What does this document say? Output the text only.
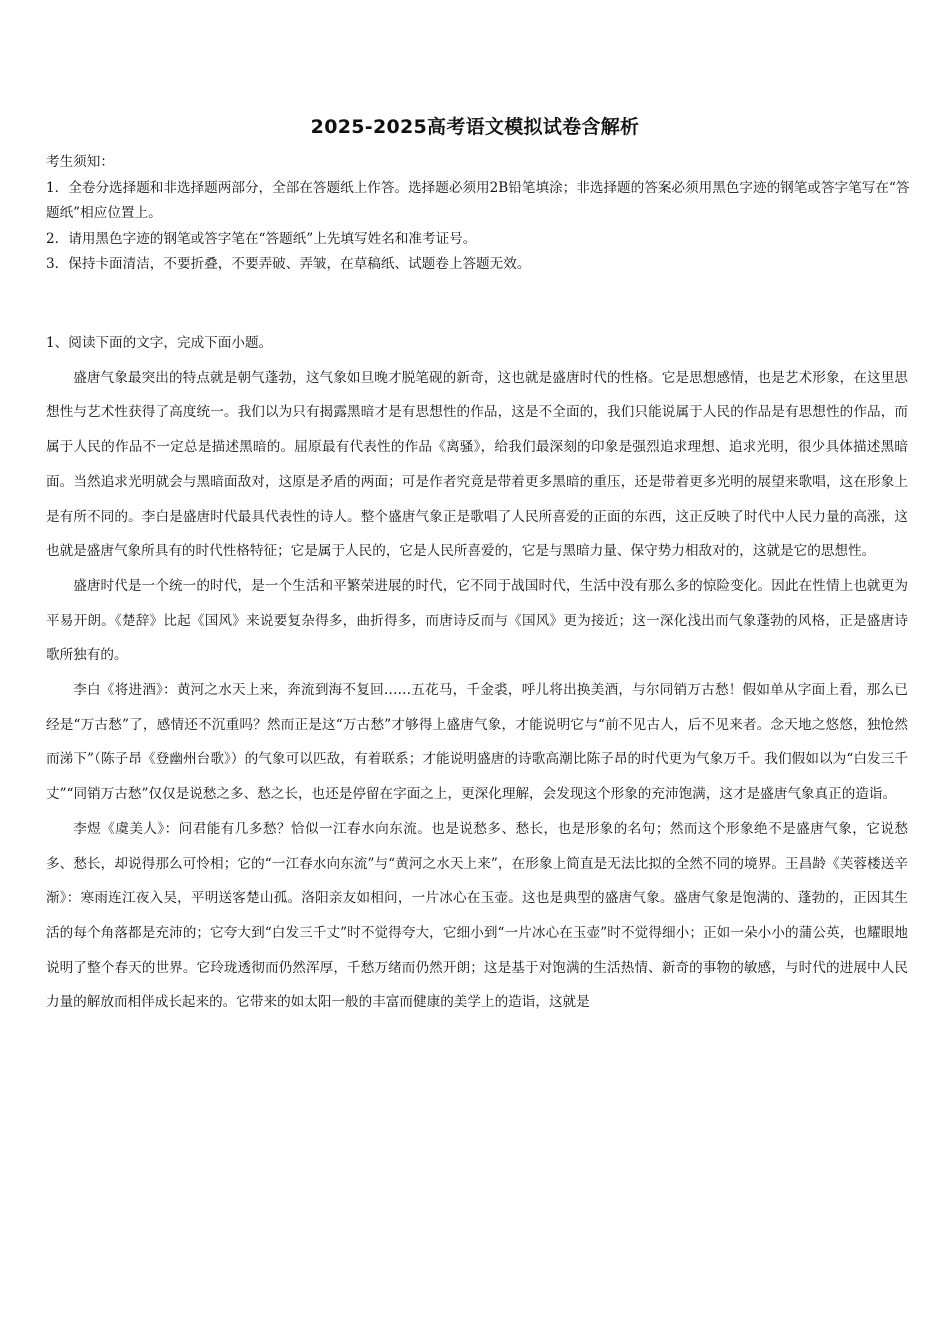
2025-2025高考语文模拟试卷含解析

考生须知：

1．全卷分选择题和非选择题两部分，全部在答题纸上作答。选择题必须用2B铅笔填涂；非选择题的答案必须用黑色字迹的钢笔或答字笔写在“答题纸”相应位置上。

2．请用黑色字迹的钢笔或答字笔在“答题纸”上先填写姓名和准考证号。

3．保持卡面清洁，不要折叠，不要弄破、弄皱，在草稿纸、试题卷上答题无效。

1、阅读下面的文字，完成下面小题。

盛唐气象最突出的特点就是朝气蓬勃，这气象如旦晚才脱笔砚的新奇，这也就是盛唐时代的性格。它是思想感情，也是艺术形象，在这里思想性与艺术性获得了高度统一。我们以为只有揭露黑暗才是有思想性的作品，这是不全面的，我们只能说属于人民的作品是有思想性的作品，而属于人民的作品不一定总是描述黑暗的。屈原最有代表性的作品《离骚》，给我们最深刻的印象是强烈追求理想、追求光明，很少具体描述黑暗面。当然追求光明就会与黑暗面敌对，这原是矛盾的两面；可是作者究竟是带着更多黑暗的重压，还是带着更多光明的展望来歌唱，这在形象上是有所不同的。李白是盛唐时代最具代表性的诗人。整个盛唐气象正是歌唱了人民所喜爱的正面的东西，这正反映了时代中人民力量的高涨，这也就是盛唐气象所具有的时代性格特征；它是属于人民的，它是人民所喜爱的，它是与黑暗力量、保守势力相敌对的，这就是它的思想性。

盛唐时代是一个统一的时代，是一个生活和平繁荣进展的时代，它不同于战国时代，生活中没有那么多的惊险变化。因此在性情上也就更为平易开朗。《楚辞》比起《国风》来说要复杂得多，曲折得多，而唐诗反而与《国风》更为接近；这一深化浅出而气象蓬勃的风格，正是盛唐诗歌所独有的。

李白《将进酒》：黄河之水天上来，奔流到海不复回……五花马，千金裘，呼儿将出换美酒，与尔同销万古愁！假如单从字面上看，那么已经是“万古愁”了，感情还不沉重吗？然而正是这“万古愁”才够得上盛唐气象，才能说明它与“前不见古人，后不见来者。念天地之悠悠，独怆然而涕下”（陈子昂《登幽州台歌》）的气象可以匹敌，有着联系；才能说明盛唐的诗歌高潮比陈子昂的时代更为气象万千。我们假如以为“白发三千丈”“同销万古愁”仅仅是说愁之多、愁之长，也还是停留在字面之上，更深化理解，会发现这个形象的充沛饱满，这才是盛唐气象真正的造诣。

李煜《虞美人》：问君能有几多愁？恰似一江春水向东流。也是说愁多、愁长，也是形象的名句；然而这个形象绝不是盛唐气象，它说愁多、愁长，却说得那么可怜相；它的“一江春水向东流”与“黄河之水天上来”，在形象上简直是无法比拟的全然不同的境界。王昌龄《芙蓉楼送辛渐》：寒雨连江夜入吴，平明送客楚山孤。洛阳亲友如相问，一片冰心在玉壶。这也是典型的盛唐气象。盛唐气象是饱满的、蓬勃的，正因其生活的每个角落都是充沛的；它夸大到“白发三千丈”时不觉得夸大，它细小到“一片冰心在玉壶”时不觉得细小；正如一朵小小的蒲公英，也耀眼地说明了整个春天的世界。它玲珑透彻而仍然浑厚，千愁万绪而仍然开朗；这是基于对饱满的生活热情、新奇的事物的敏感，与时代的进展中人民力量的解放而相伴成长起来的。它带来的如太阳一般的丰富而健康的美学上的造诣，这就是
